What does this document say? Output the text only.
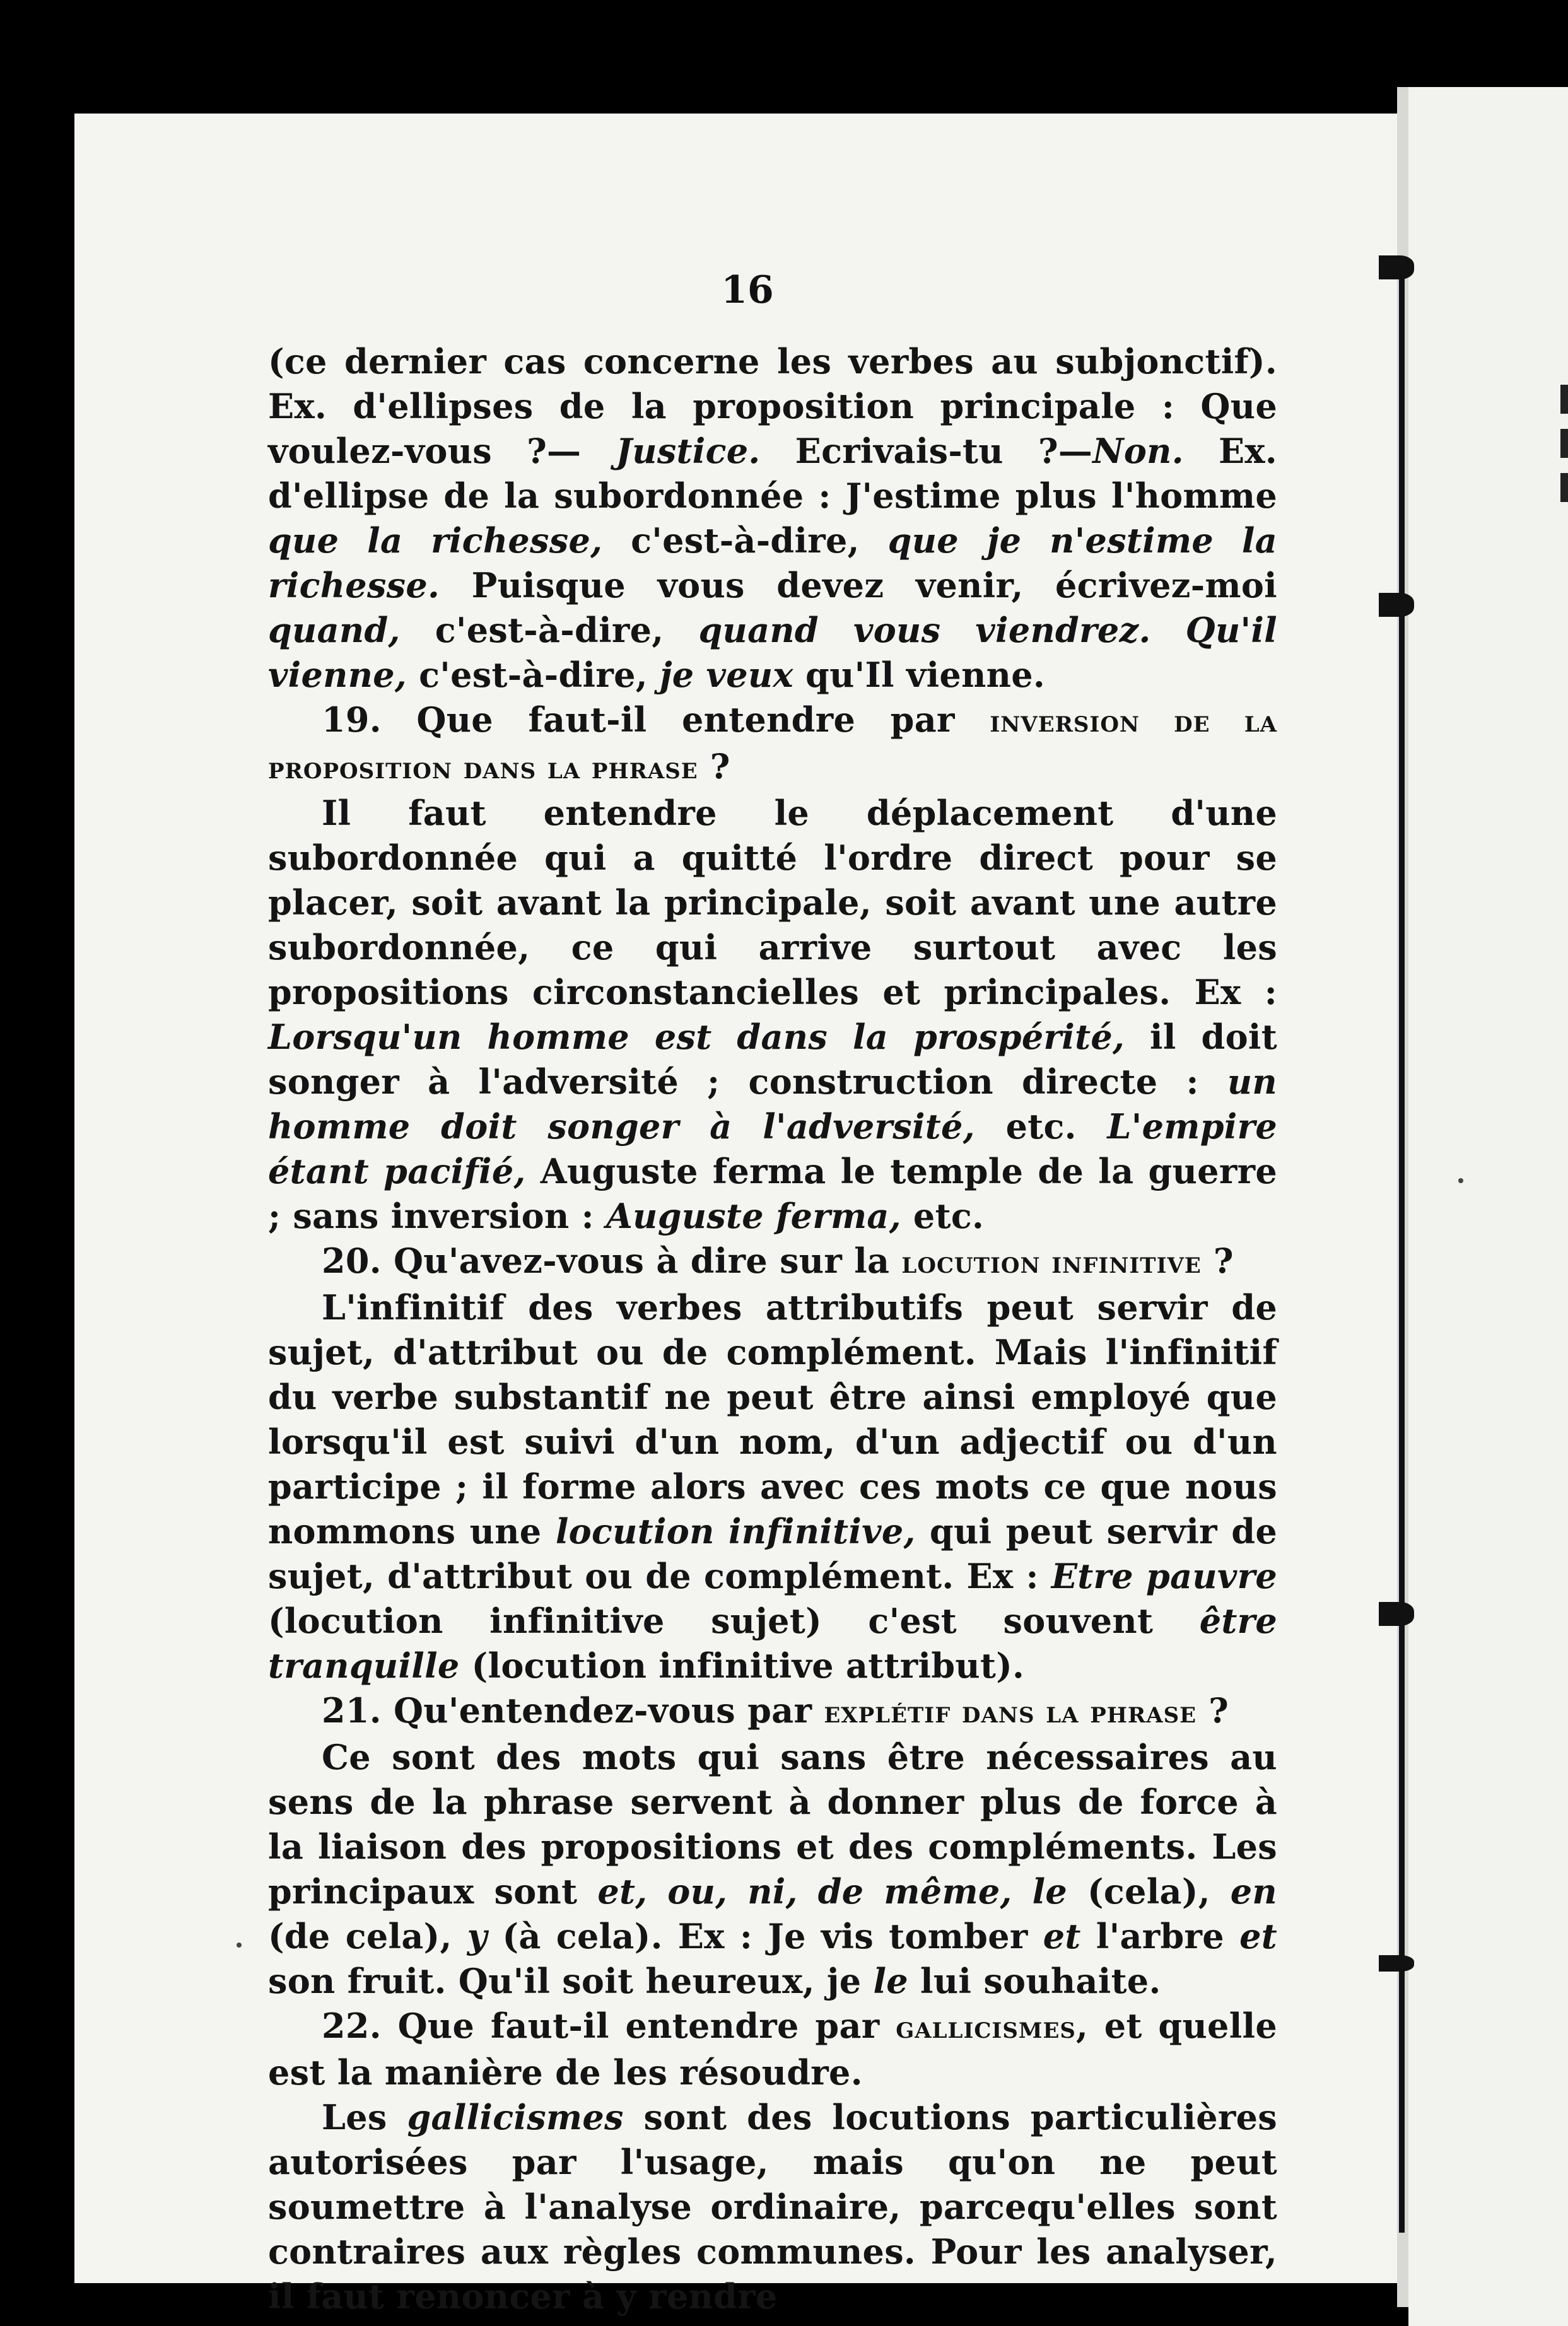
16

(ce dernier cas concerne les verbes au subjonctif). Ex. d'ellipses de la proposition principale : Que voulez-vous ?— Justice. Ecrivais-tu ?—Non. Ex. d'ellipse de la subordonnée : J'estime plus l'homme que la richesse, c'est-à-dire, que je n'estime la richesse. Puisque vous devez venir, écrivez-moi quand, c'est-à-dire, quand vous viendrez. Qu'il vienne, c'est-à-dire, je veux qu'Il vienne.

19. Que faut-il entendre par inversion de la proposition dans la phrase ?

Il faut entendre le déplacement d'une subordonnée qui a quitté l'ordre direct pour se placer, soit avant la principale, soit avant une autre subordonnée, ce qui arrive surtout avec les propositions circonstancielles et principales. Ex : Lorsqu'un homme est dans la prospérité, il doit songer à l'adversité ; construction directe : un homme doit songer à l'adversité, etc. L'empire étant pacifié, Auguste ferma le temple de la guerre ; sans inversion : Auguste ferma, etc.

20. Qu'avez-vous à dire sur la locution infinitive ?

L'infinitif des verbes attributifs peut servir de sujet, d'attribut ou de complément. Mais l'infinitif du verbe substantif ne peut être ainsi employé que lorsqu'il est suivi d'un nom, d'un adjectif ou d'un participe ; il forme alors avec ces mots ce que nous nommons une locution infinitive, qui peut servir de sujet, d'attribut ou de complément. Ex : Etre pauvre (locution infinitive sujet) c'est souvent être tranquille (locution infinitive attribut).

21. Qu'entendez-vous par explétif dans la phrase ?

Ce sont des mots qui sans être nécessaires au sens de la phrase servent à donner plus de force à la liaison des propositions et des compléments. Les principaux sont et, ou, ni, de même, le (cela), en (de cela), y (à cela). Ex : Je vis tomber et l'arbre et son fruit. Qu'il soit heureux, je le lui souhaite.

22. Que faut-il entendre par gallicismes, et quelle est la manière de les résoudre.

Les gallicismes sont des locutions particulières autorisées par l'usage, mais qu'on ne peut soumettre à l'analyse ordinaire, parcequ'elles sont contraires aux règles communes. Pour les analyser, il faut renoncer à y rendre
